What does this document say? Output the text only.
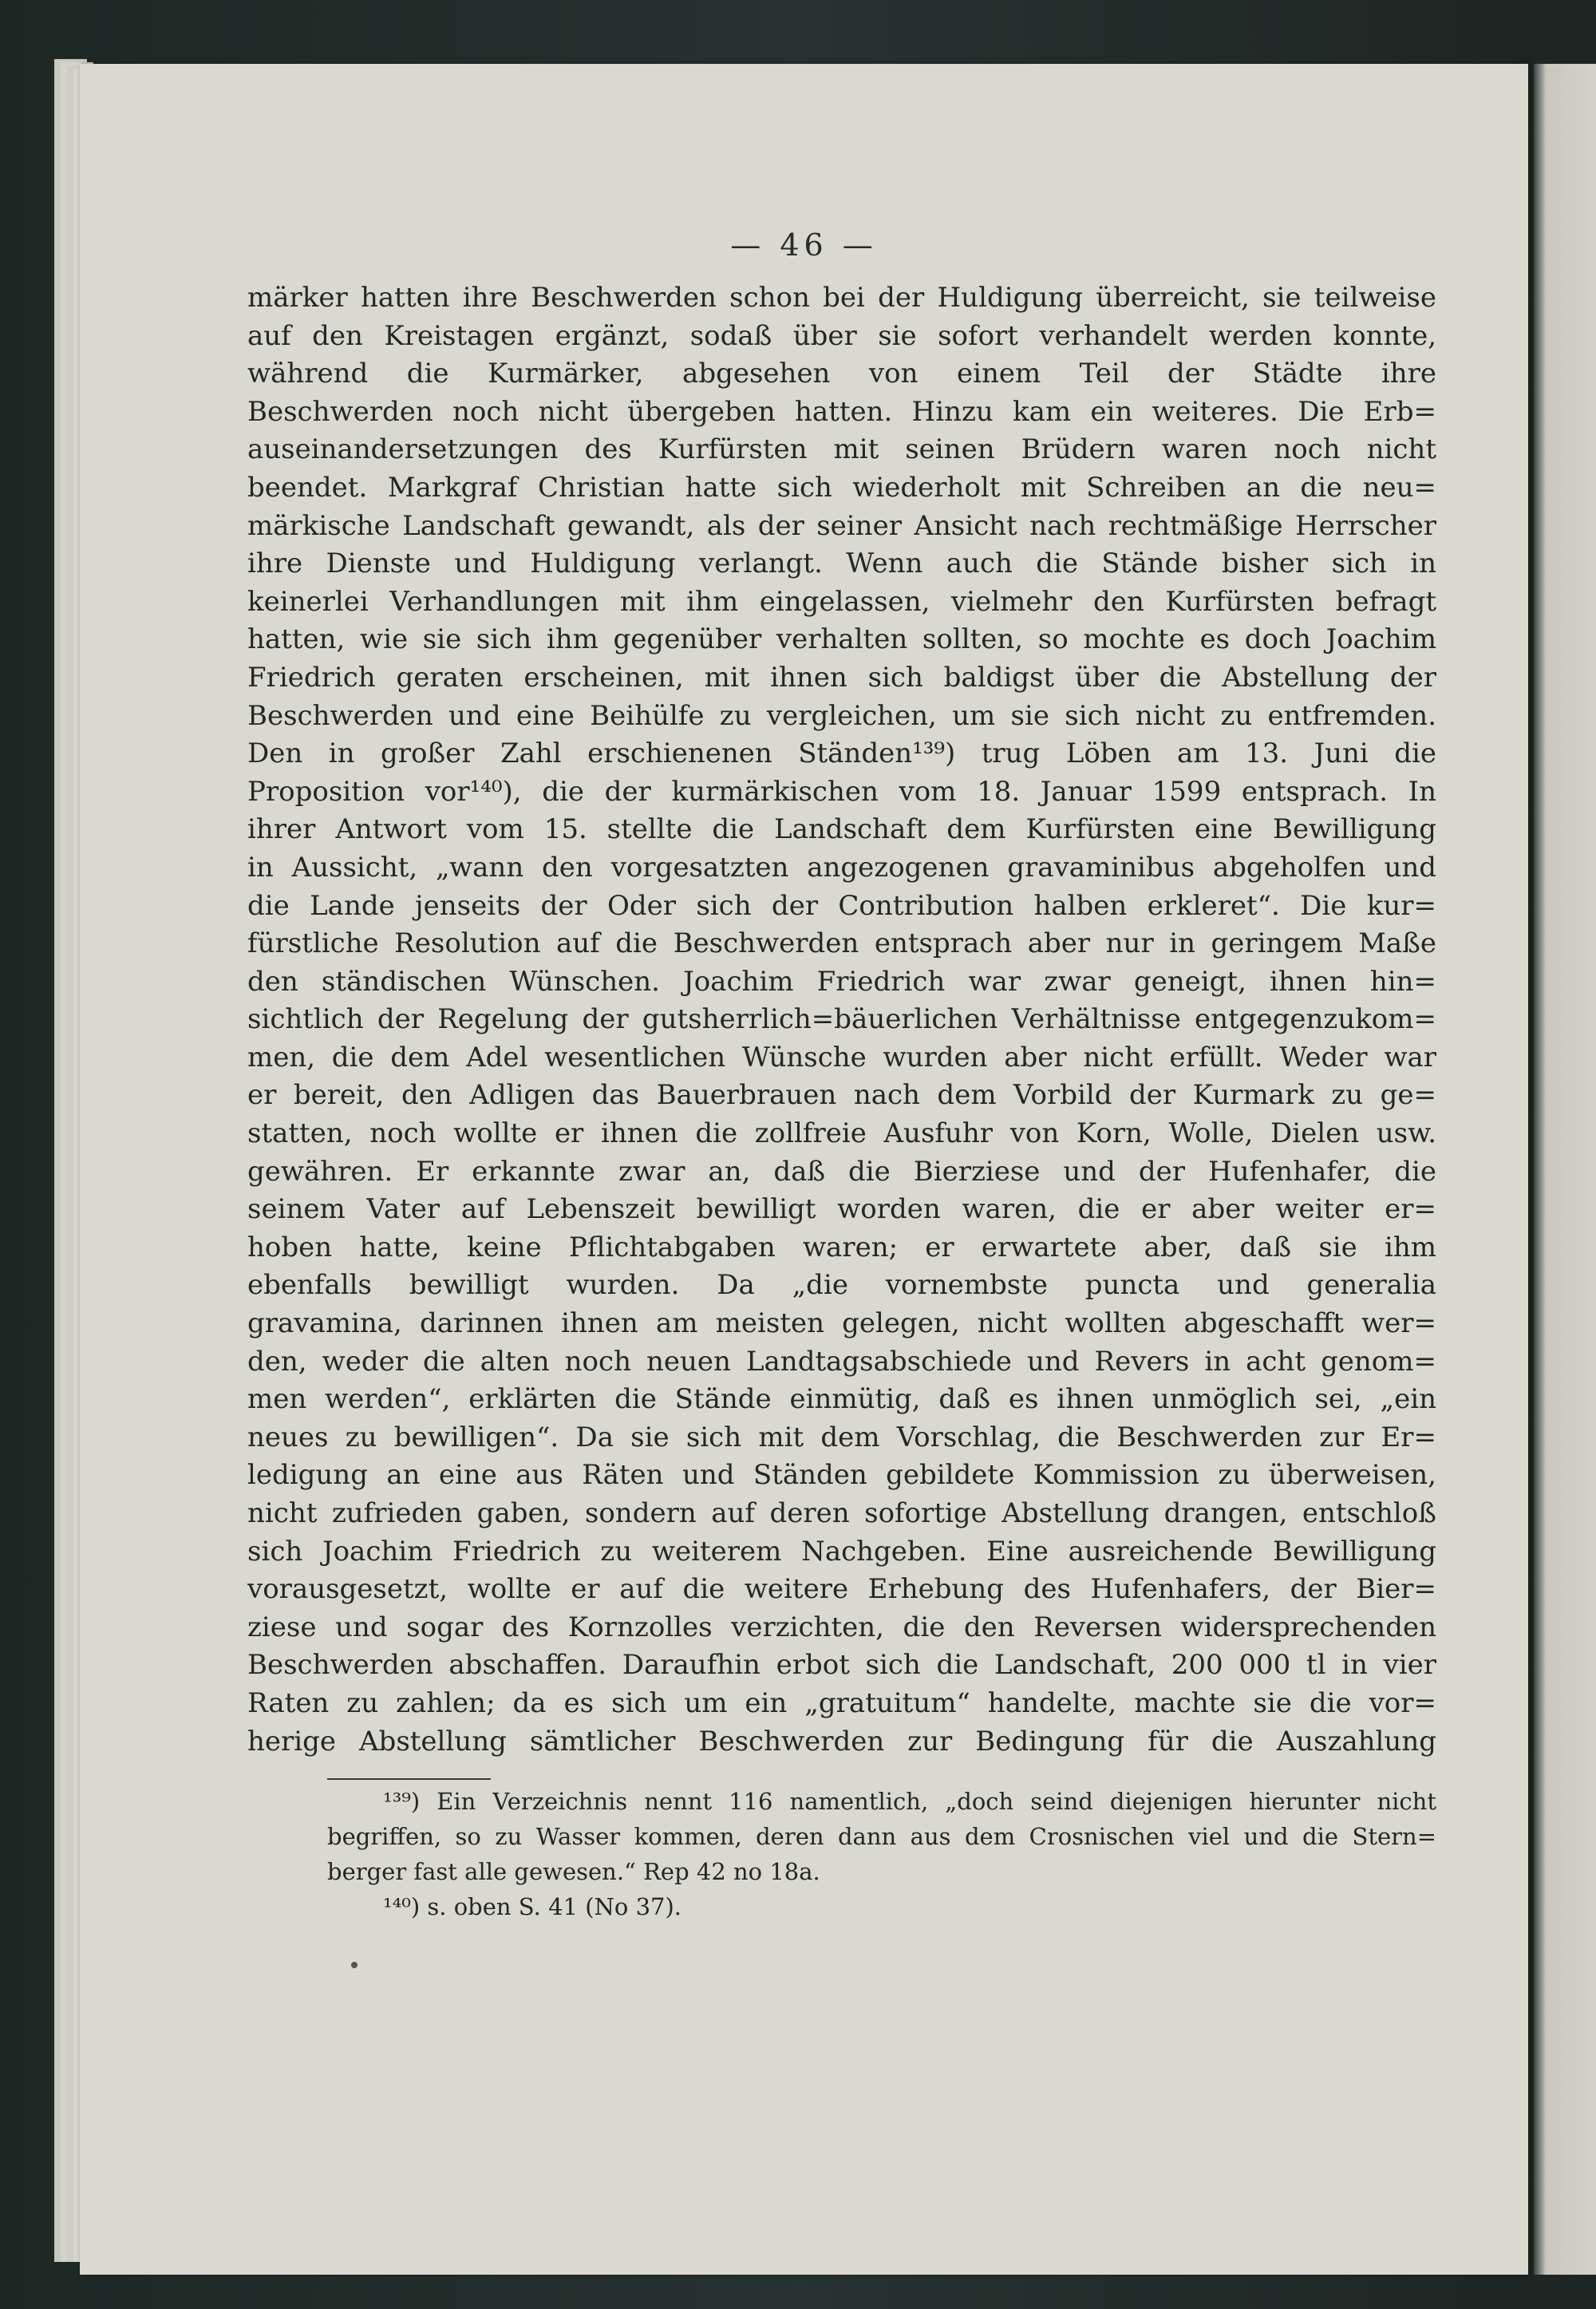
— 46 —
märker hatten ihre Beschwerden schon bei der Huldigung überreicht, sie teilweise
auf den Kreistagen ergänzt, sodaß über sie sofort verhandelt werden konnte,
während die Kurmärker, abgesehen von einem Teil der Städte ihre
Beschwerden noch nicht übergeben hatten. Hinzu kam ein weiteres. Die Erb=
auseinandersetzungen des Kurfürsten mit seinen Brüdern waren noch nicht
beendet. Markgraf Christian hatte sich wiederholt mit Schreiben an die neu=
märkische Landschaft gewandt, als der seiner Ansicht nach rechtmäßige Herrscher
ihre Dienste und Huldigung verlangt. Wenn auch die Stände bisher sich in
keinerlei Verhandlungen mit ihm eingelassen, vielmehr den Kurfürsten befragt
hatten, wie sie sich ihm gegenüber verhalten sollten, so mochte es doch Joachim
Friedrich geraten erscheinen, mit ihnen sich baldigst über die Abstellung der
Beschwerden und eine Beihülfe zu vergleichen, um sie sich nicht zu entfremden.
Den in großer Zahl erschienenen Ständen¹³⁹) trug Löben am 13. Juni die
Proposition vor¹⁴⁰), die der kurmärkischen vom 18. Januar 1599 entsprach. In
ihrer Antwort vom 15. stellte die Landschaft dem Kurfürsten eine Bewilligung
in Aussicht, „wann den vorgesatzten angezogenen gravaminibus abgeholfen und
die Lande jenseits der Oder sich der Contribution halben erkleret“. Die kur=
fürstliche Resolution auf die Beschwerden entsprach aber nur in geringem Maße
den ständischen Wünschen. Joachim Friedrich war zwar geneigt, ihnen hin=
sichtlich der Regelung der gutsherrlich=bäuerlichen Verhältnisse entgegenzukom=
men, die dem Adel wesentlichen Wünsche wurden aber nicht erfüllt. Weder war
er bereit, den Adligen das Bauerbrauen nach dem Vorbild der Kurmark zu ge=
statten, noch wollte er ihnen die zollfreie Ausfuhr von Korn, Wolle, Dielen usw.
gewähren. Er erkannte zwar an, daß die Bierziese und der Hufenhafer, die
seinem Vater auf Lebenszeit bewilligt worden waren, die er aber weiter er=
hoben hatte, keine Pflichtabgaben waren; er erwartete aber, daß sie ihm
ebenfalls bewilligt wurden. Da „die vornembste puncta und generalia
gravamina, darinnen ihnen am meisten gelegen, nicht wollten abgeschafft wer=
den, weder die alten noch neuen Landtagsabschiede und Revers in acht genom=
men werden“, erklärten die Stände einmütig, daß es ihnen unmöglich sei, „ein
neues zu bewilligen“. Da sie sich mit dem Vorschlag, die Beschwerden zur Er=
ledigung an eine aus Räten und Ständen gebildete Kommission zu überweisen,
nicht zufrieden gaben, sondern auf deren sofortige Abstellung drangen, entschloß
sich Joachim Friedrich zu weiterem Nachgeben. Eine ausreichende Bewilligung
vorausgesetzt, wollte er auf die weitere Erhebung des Hufenhafers, der Bier=
ziese und sogar des Kornzolles verzichten, die den Reversen widersprechenden
Beschwerden abschaffen. Daraufhin erbot sich die Landschaft, 200 000 tl in vier
Raten zu zahlen; da es sich um ein „gratuitum“ handelte, machte sie die vor=
herige Abstellung sämtlicher Beschwerden zur Bedingung für die Auszahlung
¹³⁹) Ein Verzeichnis nennt 116 namentlich, „doch seind diejenigen hierunter nicht
begriffen, so zu Wasser kommen, deren dann aus dem Crosnischen viel und die Stern=
berger fast alle gewesen.“ Rep 42 no 18a.
¹⁴⁰) s. oben S. 41 (No 37).
